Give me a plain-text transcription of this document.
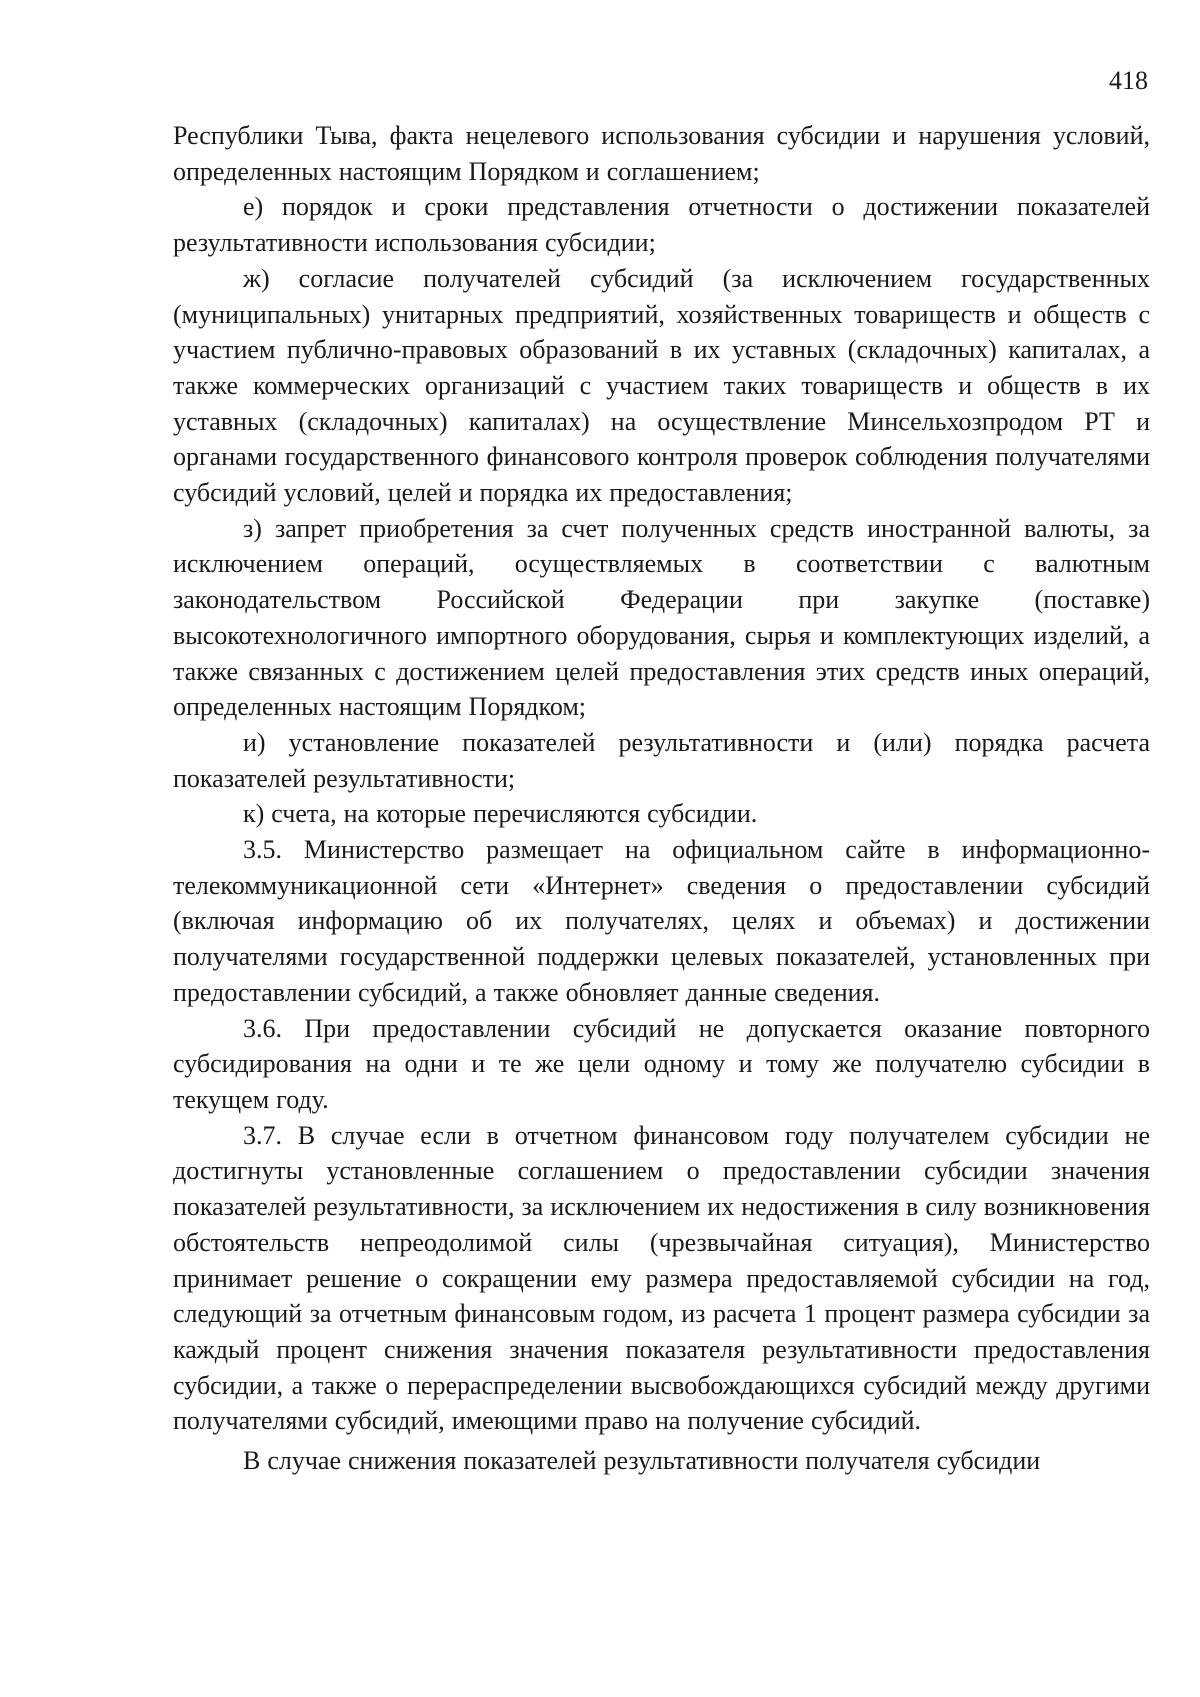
418

Республики Тыва, факта нецелевого использования субсидии и нарушения условий, определенных настоящим Порядком и соглашением;

е) порядок и сроки представления отчетности о достижении показателей результативности использования субсидии;

ж) согласие получателей субсидий (за исключением государственных (муниципальных) унитарных предприятий, хозяйственных товариществ и обществ с участием публично-правовых образований в их уставных (складочных) капиталах, а также коммерческих организаций с участием таких товариществ и обществ в их уставных (складочных) капиталах) на осуществление Минсельхозпродом РТ и органами государственного финансового контроля проверок соблюдения получателями субсидий условий, целей и порядка их предоставления;

з) запрет приобретения за счет полученных средств иностранной валюты, за исключением операций, осуществляемых в соответствии с валютным законодательством Российской Федерации при закупке (поставке) высокотехнологичного импортного оборудования, сырья и комплектующих изделий, а также связанных с достижением целей предоставления этих средств иных операций, определенных настоящим Порядком;

и) установление показателей результативности и (или) порядка расчета показателей результативности;

к) счета, на которые перечисляются субсидии.

3.5. Министерство размещает на официальном сайте в информационно-телекоммуникационной сети «Интернет» сведения о предоставлении субсидий (включая информацию об их получателях, целях и объемах) и достижении получателями государственной поддержки целевых показателей, установленных при предоставлении субсидий, а также обновляет данные сведения.

3.6. При предоставлении субсидий не допускается оказание повторного субсидирования на одни и те же цели одному и тому же получателю субсидии в текущем году.

3.7. В случае если в отчетном финансовом году получателем субсидии не достигнуты установленные соглашением о предоставлении субсидии значения показателей результативности, за исключением их недостижения в силу возникновения обстоятельств непреодолимой силы (чрезвычайная ситуация), Министерство принимает решение о сокращении ему размера предоставляемой субсидии на год, следующий за отчетным финансовым годом, из расчета 1 процент размера субсидии за каждый процент снижения значения показателя результативности предоставления субсидии, а также о перераспределении высвобождающихся субсидий между другими получателями субсидий, имеющими право на получение субсидий.

В случае снижения показателей результативности получателя субсидии
